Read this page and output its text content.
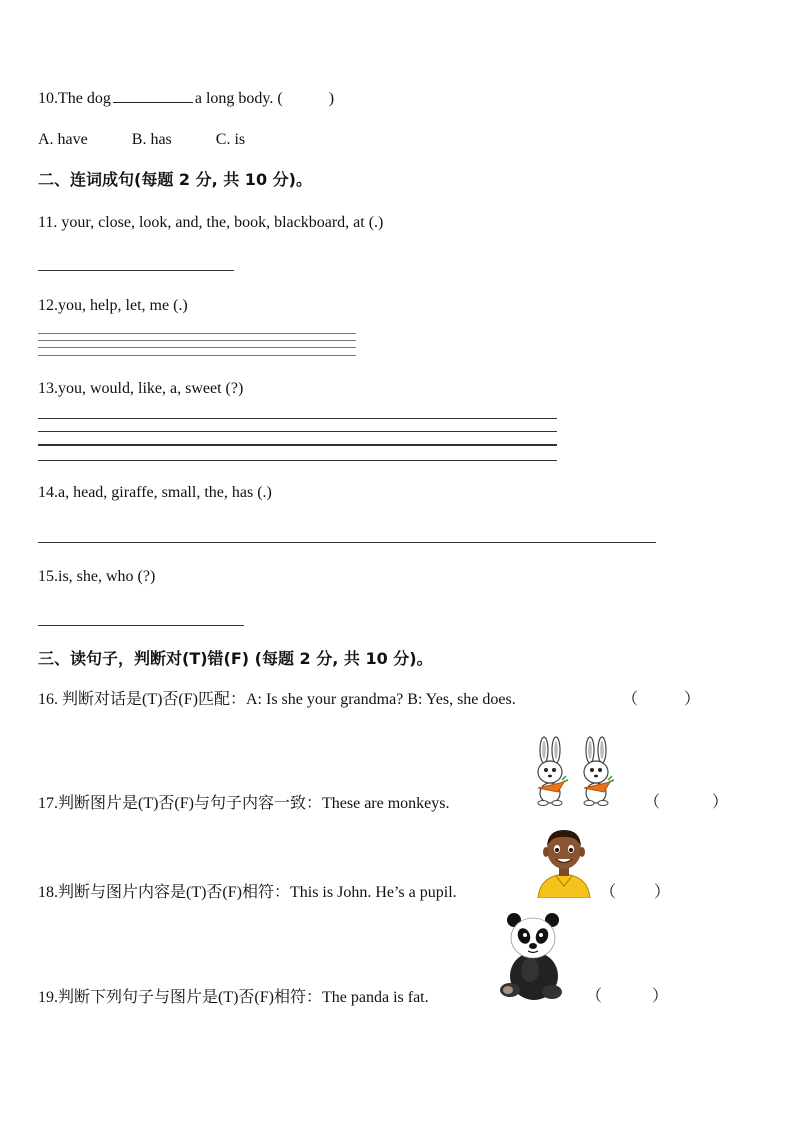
10.The dog	a long body. (	)
A. have	B. has	C. is
二、连词成句(每题 2 分, 共 10 分)。
11. your, close, look, and, the, book, blackboard, at (.)
12.you, help, let, me (.)
13.you, would, like, a, sweet (?)
14.a, head, giraffe, small, the, has (.)
15.is, she, who (?)
三、读句子，判断对(T)错(F) (每题 2 分, 共 10 分)。
16. 判断对话是(T)否(F)匹配：A: Is she your grandma? B: Yes, she does.	（	）
17.判断图片是(T)否(F)与句子内容一致：These are monkeys.	（	）
18.判断与图片内容是(T)否(F)相符：This is John. He’s a pupil.	（ ）
19.判断下列句子与图片是(T)否(F)相符：The panda is fat.	（	）
